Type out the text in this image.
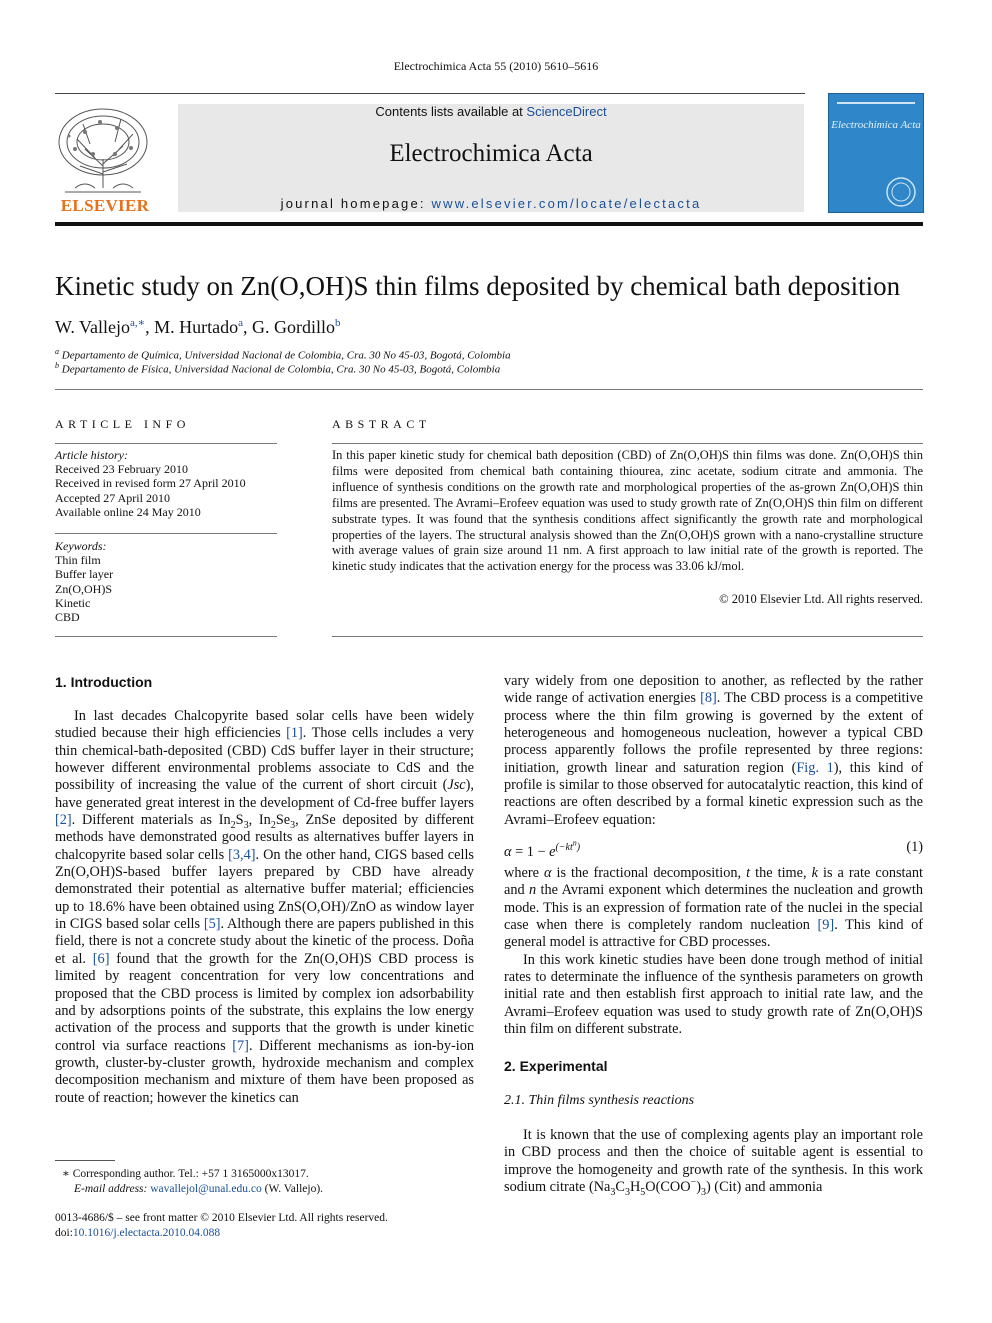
Electrochimica Acta 55 (2010) 5610–5616
ELSEVIER
Contents lists available at ScienceDirect
Electrochimica Acta
journal homepage: www.elsevier.com/locate/electacta
Electrochimica Acta
Kinetic study on Zn(O,OH)S thin films deposited by chemical bath deposition
W. Vallejo$^{a,∗}$, M. Hurtado$^a$, G. Gordillo$^b$
$^a$ Departamento de Química, Universidad Nacional de Colombia, Cra. 30 No 45-03, Bogotá, Colombia
$^b$ Departamento de Física, Universidad Nacional de Colombia, Cra. 30 No 45-03, Bogotá, Colombia
ARTICLE INFO
Article history:
Received 23 February 2010
Received in revised form 27 April 2010
Accepted 27 April 2010
Available online 24 May 2010
Keywords:
Thin film
Buffer layer
Zn(O,OH)S
Kinetic
CBD
ABSTRACT
In this paper kinetic study for chemical bath deposition (CBD) of Zn(O,OH)S thin films was done. Zn(O,OH)S thin films were deposited from chemical bath containing thiourea, zinc acetate, sodium citrate and ammonia. The influence of synthesis conditions on the growth rate and morphological properties of the as-grown Zn(O,OH)S thin films are presented. The Avrami–Erofeev equation was used to study growth rate of Zn(O,OH)S thin film on different substrate types. It was found that the synthesis conditions affect significantly the growth rate and morphological properties of the layers. The structural analysis showed than the Zn(O,OH)S grown with a nano-crystalline structure with average values of grain size around 11 nm. A first approach to law initial rate of the growth is reported. The kinetic study indicates that the activation energy for the process was 33.06 kJ/mol.
© 2010 Elsevier Ltd. All rights reserved.
1. Introduction

In last decades Chalcopyrite based solar cells have been widely studied because their high efficiencies [1]. Those cells includes a very thin chemical-bath-deposited (CBD) CdS buffer layer in their structure; however different environmental problems associate to CdS and the possibility of increasing the value of the current of short circuit (Jsc), have generated great interest in the development of Cd-free buffer layers [2]. Different materials as $In_2S_3$, $In_2Se_3$, ZnSe deposited by different methods have demonstrated good results as alternatives buffer layers in chalcopyrite based solar cells [3,4]. On the other hand, CIGS based cells Zn(O,OH)S-based buffer layers prepared by CBD have already demonstrated their potential as alternative buffer material; efficiencies up to 18.6% have been obtained using ZnS(O,OH)/ZnO as window layer in CIGS based solar cells [5]. Although there are papers published in this field, there is not a concrete study about the kinetic of the process. Doña et al. [6] found that the growth for the Zn(O,OH)S CBD process is limited by reagent concentration for very low concentrations and proposed that the CBD process is limited by complex ion adsorbability and by adsorptions points of the substrate, this explains the low energy activation of the process and supports that the growth is under kinetic control via surface reactions [7]. Different mechanisms as ion-by-ion growth, cluster-by-cluster growth, hydroxide mechanism and complex decomposition mechanism and mixture of them have been proposed as route of reaction; however the kinetics can

vary widely from one deposition to another, as reflected by the rather wide range of activation energies [8]. The CBD process is a competitive process where the thin film growing is governed by the extent of heterogeneous and homogeneous nucleation, however a typical CBD process apparently follows the profile represented by three regions: initiation, growth linear and saturation region (Fig. 1), this kind of profile is similar to those observed for autocatalytic reaction, this kind of reactions are often described by a formal kinetic expression such as the Avrami–Erofeev equation:

$\alpha = 1 - e^{(-kt^n)}$	(1)

where α is the fractional decomposition, t the time, k is a rate constant and n the Avrami exponent which determines the nucleation and growth mode. This is an expression of formation rate of the nuclei in the special case when there is completely random nucleation [9]. This kind of general model is attractive for CBD processes.

In this work kinetic studies have been done trough method of initial rates to determinate the influence of the synthesis parameters on growth initial rate and then establish first approach to initial rate law, and the Avrami–Erofeev equation was used to study growth rate of Zn(O,OH)S thin film on different substrate.

2. Experimental
2.1. Thin films synthesis reactions

It is known that the use of complexing agents play an important role in CBD process and then the choice of suitable agent is essential to improve the homogeneity and growth rate of the synthesis. In this work sodium citrate $(Na_3C_3H_5O(COO^-)_3)$ (Cit) and ammonia

∗ Corresponding author. Tel.: +57 1 3165000x13017.
E-mail address: wavallejol@unal.edu.co (W. Vallejo).
0013-4686/$ – see front matter © 2010 Elsevier Ltd. All rights reserved.
doi:10.1016/j.electacta.2010.04.088
